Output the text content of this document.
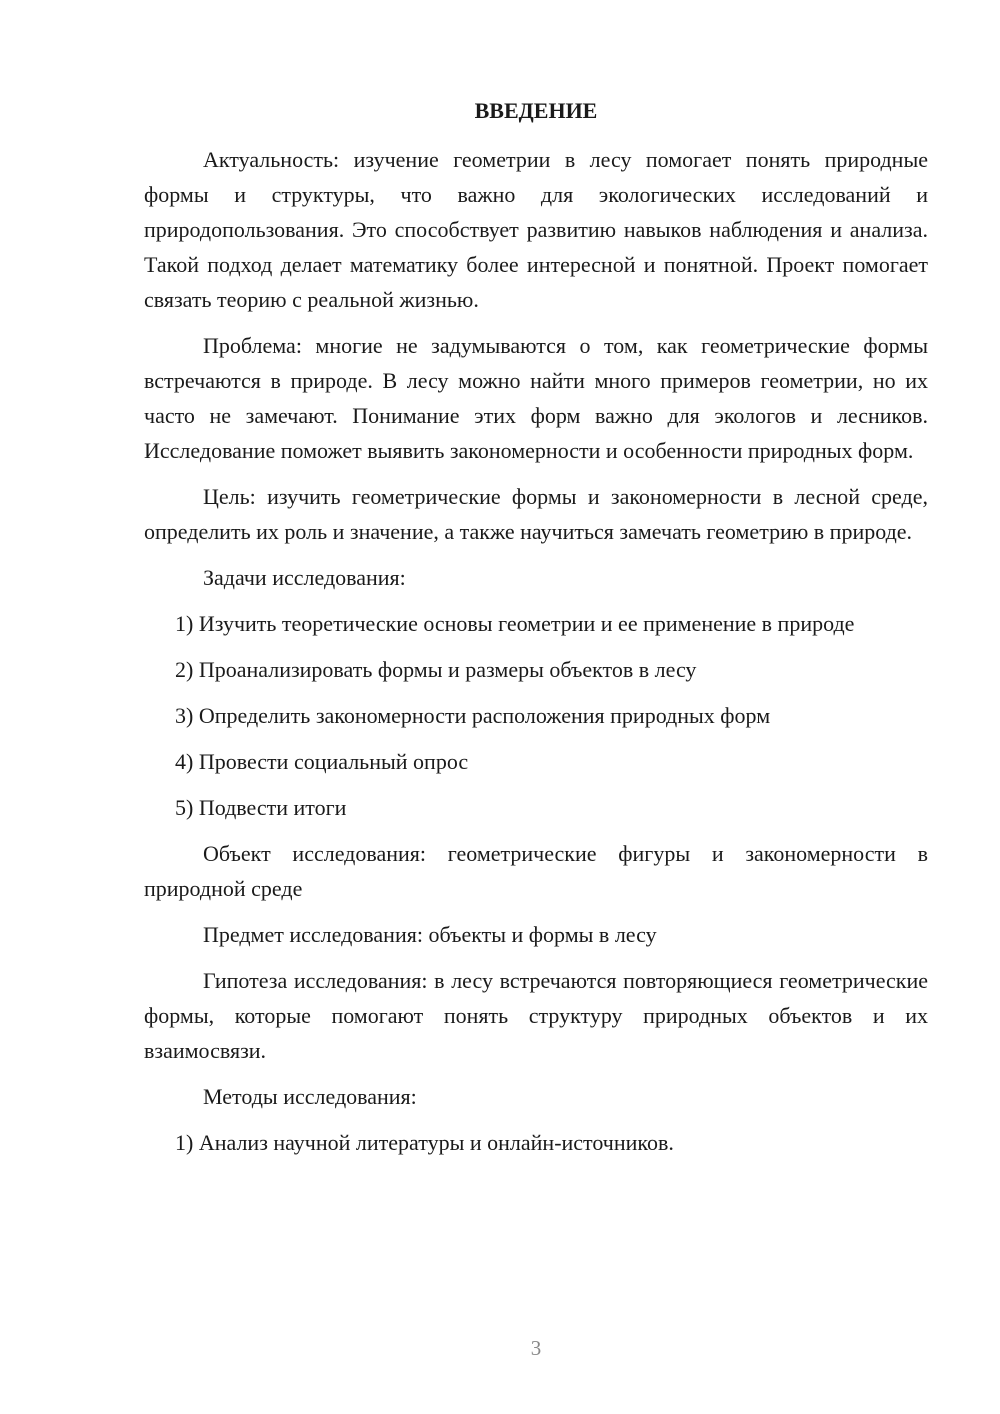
ВВЕДЕНИЕ

Актуальность: изучение геометрии в лесу помогает понять природные формы и структуры, что важно для экологических исследований и природопользования. Это способствует развитию навыков наблюдения и анализа. Такой подход делает математику более интересной и понятной. Проект помогает связать теорию с реальной жизнью.

Проблема: многие не задумываются о том, как геометрические формы встречаются в природе. В лесу можно найти много примеров геометрии, но их часто не замечают. Понимание этих форм важно для экологов и лесников. Исследование поможет выявить закономерности и особенности природных форм.

Цель: изучить геометрические формы и закономерности в лесной среде, определить их роль и значение, а также научиться замечать геометрию в природе.

Задачи исследования:

1) Изучить теоретические основы геометрии и ее применение в природе

2) Проанализировать формы и размеры объектов в лесу

3) Определить закономерности расположения природных форм

4) Провести социальный опрос

5) Подвести итоги

Объект исследования: геометрические фигуры и закономерности в природной среде

Предмет исследования: объекты и формы в лесу

Гипотеза исследования: в лесу встречаются повторяющиеся геометрические формы, которые помогают понять структуру природных объектов и их взаимосвязи.

Методы исследования:

1) Анализ научной литературы и онлайн-источников.

3
